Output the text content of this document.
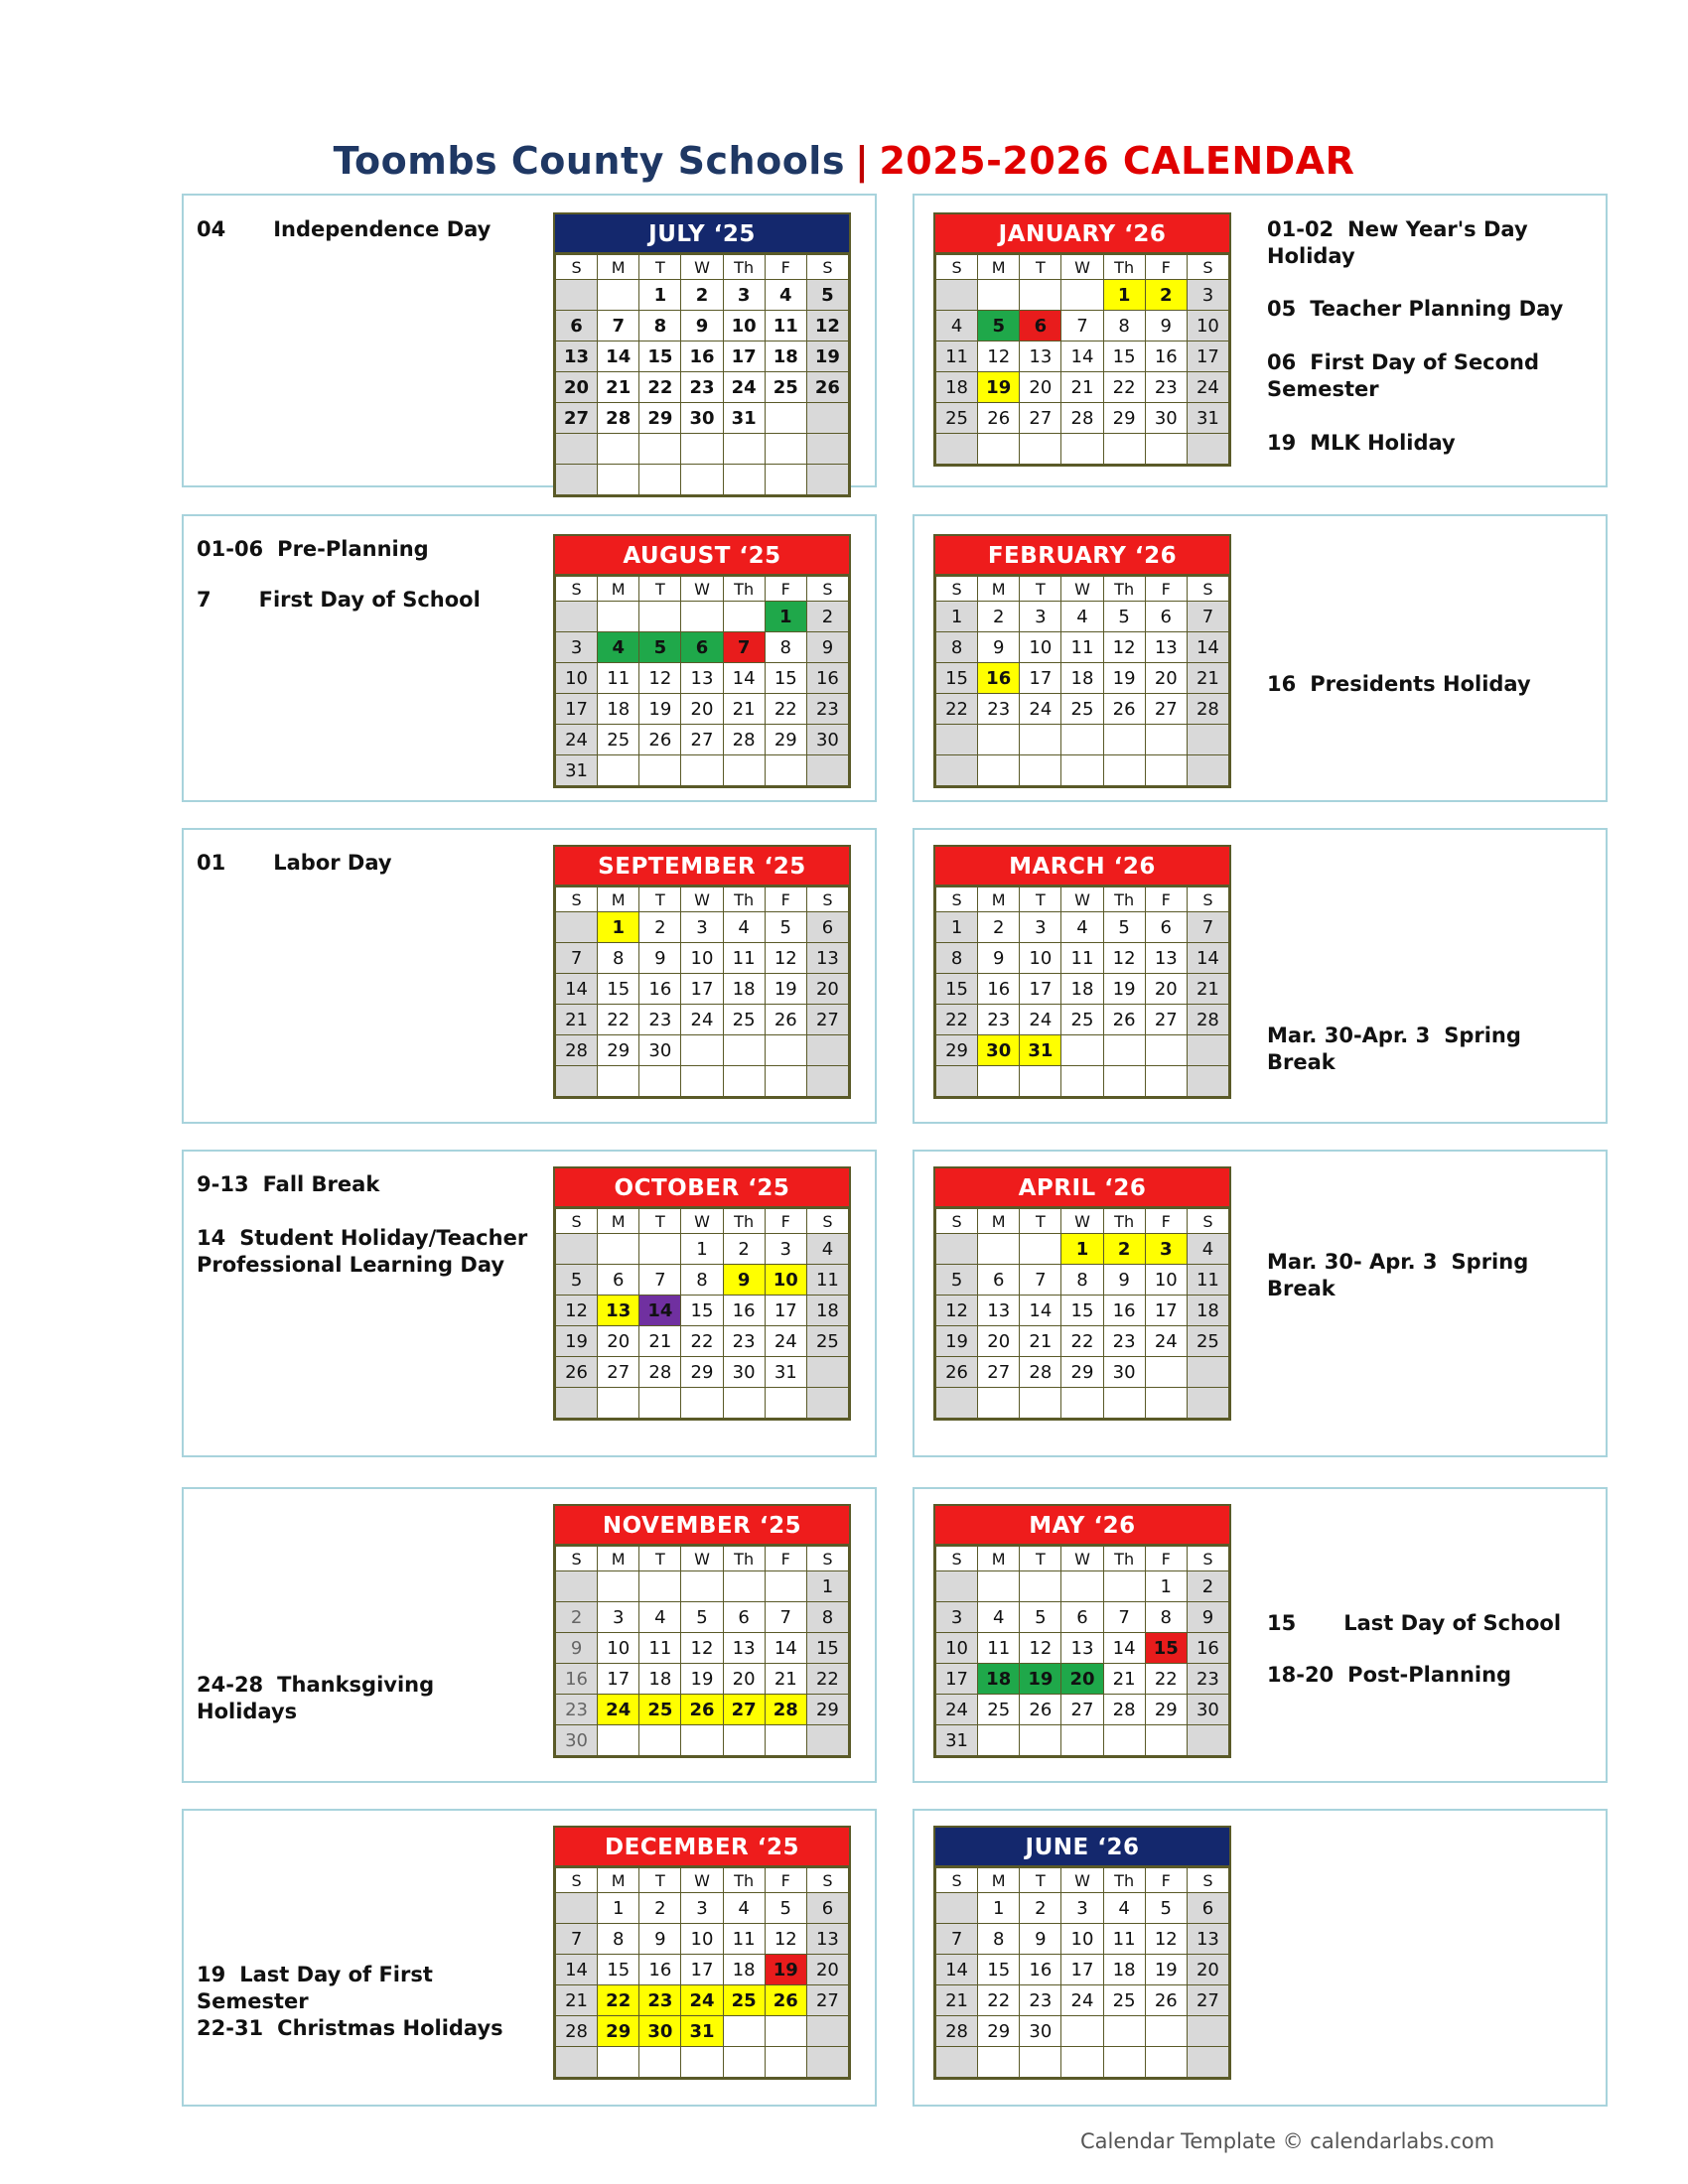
Toombs County Schools | 2025-2026 CALENDAR
04 Independence Day
01-06 Pre-Planning
7 First Day of School
01 Labor Day
9-13 Fall Break
14 Student Holiday/Teacher Professional Learning Day
24-28 Thanksgiving Holidays
19 Last Day of First Semester
22-31 Christmas Holidays
01-02 New Year's Day Holiday
05 Teacher Planning Day
06 First Day of Second Semester
19 MLK Holiday
16 Presidents Holiday
Mar. 30-Apr. 3 Spring Break
Mar. 30- Apr. 3 Spring Break
15 Last Day of School
18-20 Post-Planning
JULY ‘25
S	M	T	W	Th	F	S
		1	2	3	4	5
6	7	8	9	10	11	12
13	14	15	16	17	18	19
20	21	22	23	24	25	26
27	28	29	30	31		

AUGUST ‘25
S	M	T	W	Th	F	S
					1	2
3	4	5	6	7	8	9
10	11	12	13	14	15	16
17	18	19	20	21	22	23
24	25	26	27	28	29	30
31						
SEPTEMBER ‘25
S	M	T	W	Th	F	S
	1	2	3	4	5	6
7	8	9	10	11	12	13
14	15	16	17	18	19	20
21	22	23	24	25	26	27
28	29	30				

OCTOBER ‘25
S	M	T	W	Th	F	S
			1	2	3	4
5	6	7	8	9	10	11
12	13	14	15	16	17	18
19	20	21	22	23	24	25
26	27	28	29	30	31	

NOVEMBER ‘25
S	M	T	W	Th	F	S
						1
2	3	4	5	6	7	8
9	10	11	12	13	14	15
16	17	18	19	20	21	22
23	24	25	26	27	28	29
30						
DECEMBER ‘25
S	M	T	W	Th	F	S
	1	2	3	4	5	6
7	8	9	10	11	12	13
14	15	16	17	18	19	20
21	22	23	24	25	26	27
28	29	30	31			

JANUARY ‘26
S	M	T	W	Th	F	S
				1	2	3
4	5	6	7	8	9	10
11	12	13	14	15	16	17
18	19	20	21	22	23	24
25	26	27	28	29	30	31

FEBRUARY ‘26
S	M	T	W	Th	F	S
1	2	3	4	5	6	7
8	9	10	11	12	13	14
15	16	17	18	19	20	21
22	23	24	25	26	27	28

MARCH ‘26
S	M	T	W	Th	F	S
1	2	3	4	5	6	7
8	9	10	11	12	13	14
15	16	17	18	19	20	21
22	23	24	25	26	27	28
29	30	31				

APRIL ‘26
S	M	T	W	Th	F	S
			1	2	3	4
5	6	7	8	9	10	11
12	13	14	15	16	17	18
19	20	21	22	23	24	25
26	27	28	29	30		

MAY ‘26
S	M	T	W	Th	F	S
					1	2
3	4	5	6	7	8	9
10	11	12	13	14	15	16
17	18	19	20	21	22	23
24	25	26	27	28	29	30
31						
JUNE ‘26
S	M	T	W	Th	F	S
	1	2	3	4	5	6
7	8	9	10	11	12	13
14	15	16	17	18	19	20
21	22	23	24	25	26	27
28	29	30				

Calendar Template © calendarlabs.com
